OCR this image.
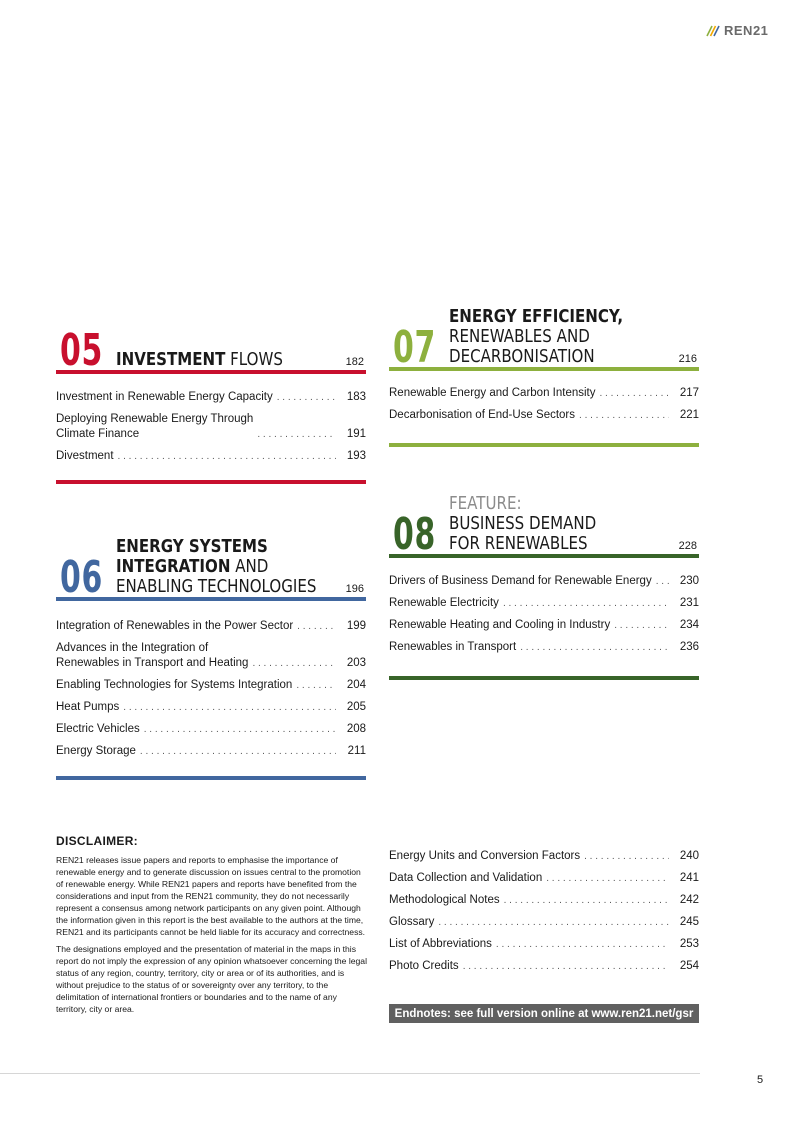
REN21
05 INVESTMENT FLOWS	182
Investment in Renewable Energy Capacity . . .	183
Deploying Renewable Energy Through
Climate Finance . . .	191
Divestment . . .	193
06
ENERGY SYSTEMS
INTEGRATION AND
ENABLING TECHNOLOGIES	196
Integration of Renewables in the Power Sector . . .	199
Advances in the Integration of
Renewables in Transport and Heating . . .	203
Enabling Technologies for Systems Integration . . .	204
Heat Pumps . . .	205
Electric Vehicles . . .	208
Energy Storage . . .	211
07
ENERGY EFFICIENCY,
RENEWABLES AND
DECARBONISATION	216
Renewable Energy and Carbon Intensity . . .	217
Decarbonisation of End-Use Sectors . . .	221
08
FEATURE:
BUSINESS DEMAND
FOR RENEWABLES	228
Drivers of Business Demand for Renewable Energy . . .	230
Renewable Electricity . . .	231
Renewable Heating and Cooling in Industry . . .	234
Renewables in Transport . . .	236
Energy Units and Conversion Factors . . .	240
Data Collection and Validation . . .	241
Methodological Notes . . .	242
Glossary . . .	245
List of Abbreviations . . .	253
Photo Credits . . .	254
DISCLAIMER:

REN21 releases issue papers and reports to emphasise the importance of renewable energy and to generate discussion on issues central to the promotion of renewable energy. While REN21 papers and reports have benefited from the considerations and input from the REN21 community, they do not necessarily represent a consensus among network participants on any given point. Although the information given in this report is the best available to the authors at the time, REN21 and its participants cannot be held liable for its accuracy and correctness.

The designations employed and the presentation of material in the maps in this report do not imply the expression of any opinion whatsoever concerning the legal status of any region, country, territory, city or area or of its authorities, and is without prejudice to the status of or sovereignty over any territory, to the delimitation of international frontiers or boundaries and to the name of any territory, city or area.	Endnotes: see full version online at www.ren21.net/gsr
5
